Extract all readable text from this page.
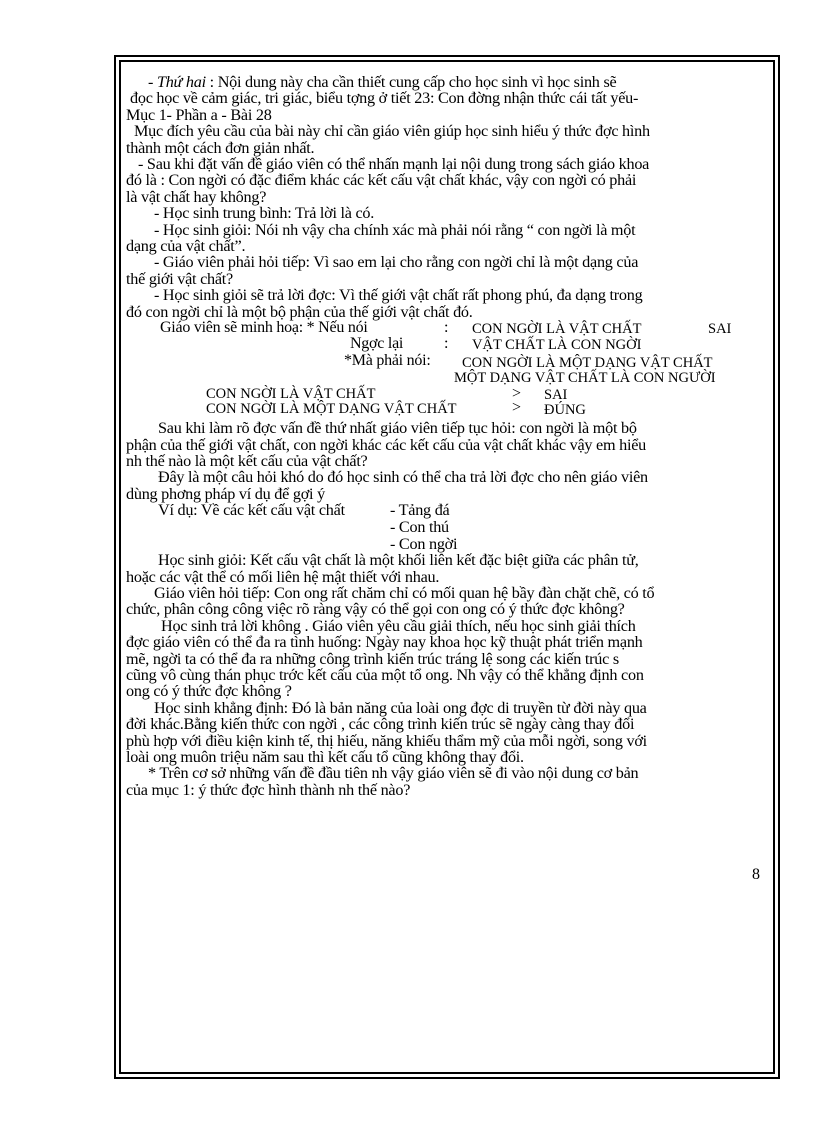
- Thứ hai : Nội dung này cha cần thiết cung cấp cho học sinh vì học sinh sẽ

đọc học về cảm giác, tri giác, biểu tợng ở tiết 23: Con đờng nhận thức cái tất yếu-

Mục 1- Phần a - Bài 28

Mục đích yêu cầu của bài này chỉ cần giáo viên giúp học sinh hiểu ý thức đợc hình

thành một cách đơn giản nhất.

- Sau khi đặt vấn đề giáo viên có thể nhấn mạnh lại nội dung trong sách giáo khoa

đó là : Con ngời có đặc điểm khác các kết cấu vật chất khác, vậy con ngời có phải

là vật chất hay không?

- Học sinh trung bình: Trả lời là có.

- Học sinh giỏi: Nói nh vậy cha chính xác mà phải nói rằng “ con ngời là một

dạng của vật chất”.

- Giáo viên phải hỏi tiếp: Vì sao em lại cho rằng con ngời chỉ là một dạng của

thế giới vật chất?

- Học sinh giỏi sẽ trả lời đợc: Vì thế giới vật chất rất phong phú, đa dạng trong

đó con ngời chỉ là một bộ phận của thế giới vật chất đó.

Giáo viên sẽ minh hoạ: * Nếu nói	: CON NGỜI LÀ VẬT CHẤT	SAI
Ngợc lại	: VẬT CHẤT LÀ CON NGỜI
*Mà phải nói: CON NGỜI LÀ MỘT DẠNG VẬT CHẤT
MỘT DẠNG VẬT CHẤT LÀ CON NGƯỜI
CON NGỜI LÀ VẬT CHẤT	> SAI
CON NGỜI LÀ MỘT DẠNG VẬT CHẤT	> ĐÚNG

Sau khi làm rõ đợc vấn đề thứ nhất giáo viên tiếp tục hỏi: con ngời là một bộ

phận của thế giới vật chất, con ngời khác các kết cấu của vật chất khác vậy em hiểu

nh thế nào là một kết cấu của vật chất?

Đây là một câu hỏi khó do đó học sinh có thể cha trả lời đợc cho nên giáo viên

dùng phơng pháp ví dụ để gợi ý

Ví dụ: Về các kết cấu vật chất	- Tảng đá
- Con thú
- Con ngời

Học sinh giỏi: Kết cấu vật chất là một khối liên kết đặc biệt giữa các phân tử,

hoặc các vật thể có mối liên hệ mật thiết với nhau.

Giáo viên hỏi tiếp: Con ong rất chăm chỉ có mối quan hệ bầy đàn chặt chẽ, có tổ

chức, phân công công việc rõ ràng vậy có thể gọi con ong có ý thức đợc không?

Học sinh trả lời không . Giáo viên yêu cầu giải thích, nếu học sinh giải thích

đợc giáo viên có thể đa ra tình huống: Ngày nay khoa học kỹ thuật phát triển mạnh

mẽ, ngời ta có thể đa ra những công trình kiến trúc tráng lệ song các kiến trúc s

cũng vô cùng thán phục trớc kết cấu của một tổ ong. Nh vậy có thể khẳng định con

ong có ý thức đợc không ?

Học sinh khẳng định: Đó là bản năng của loài ong đợc di truyền từ đời này qua

đời khác.Bằng kiến thức con ngời , các công trình kiến trúc sẽ ngày càng thay đổi

phù hợp với điều kiện kinh tế, thị hiếu, năng khiếu thẩm mỹ của mỗi ngời, song với

loài ong muôn triệu năm sau thì kết cấu tổ cũng không thay đổi.

* Trên cơ sở những vấn đề đầu tiên nh vậy giáo viên sẽ đi vào nội dung cơ bản

của mục 1: ý thức đợc hình thành nh thế nào?

8
